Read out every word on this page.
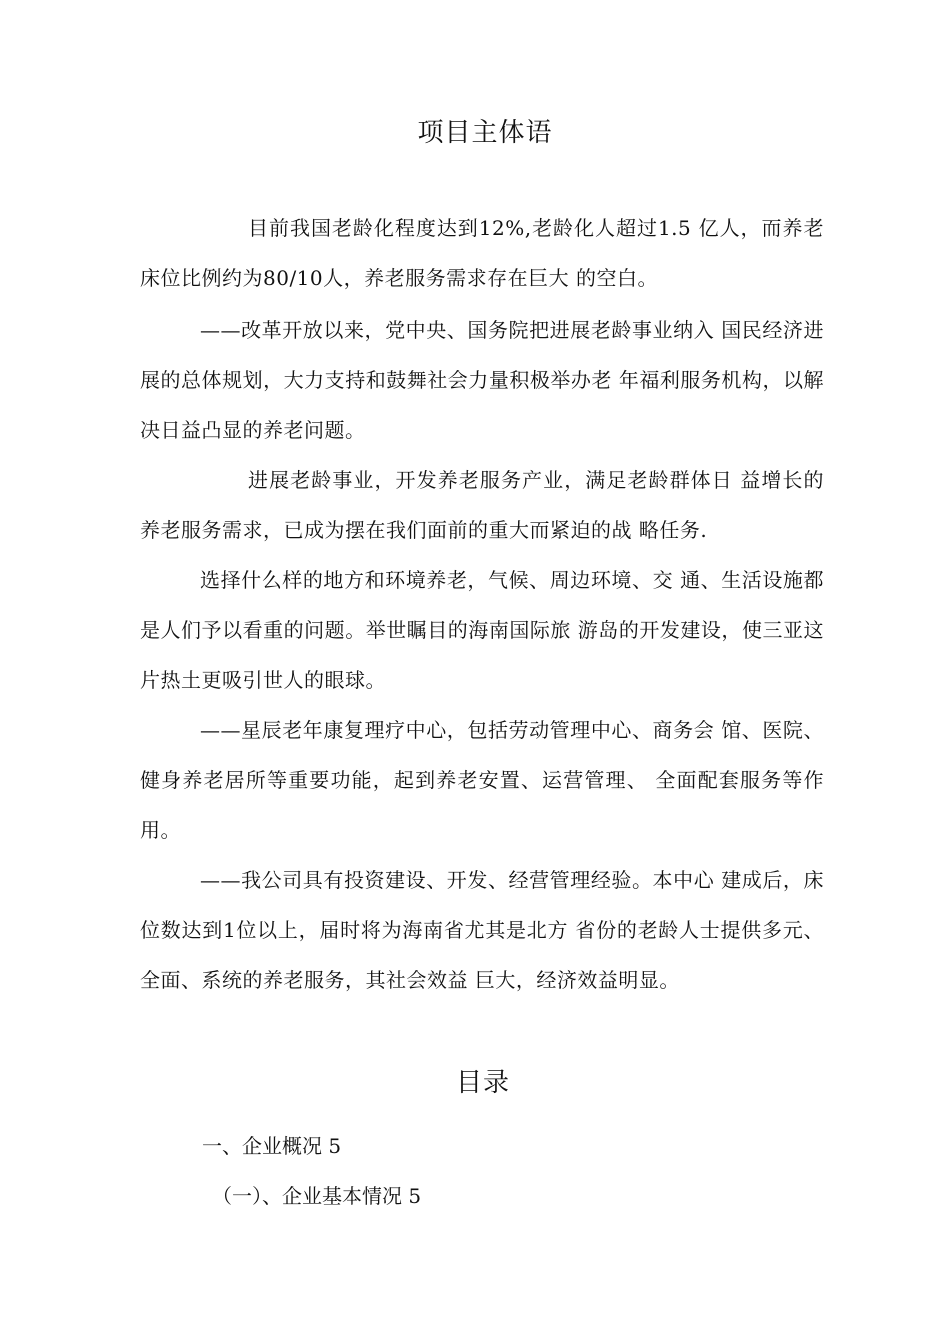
项目主体语
目前我国老龄化程度达到12%,老龄化人超过1.5 亿人，而养老床位比例约为80/10人，养老服务需求存在巨大 的空白。
——改革开放以来，党中央、国务院把进展老龄事业纳入 国民经济进展的总体规划，大力支持和鼓舞社会力量积极举办老 年福利服务机构，以解决日益凸显的养老问题。
进展老龄事业，开发养老服务产业，满足老龄群体日 益增长的养老服务需求，已成为摆在我们面前的重大而紧迫的战 略任务.
选择什么样的地方和环境养老，气候、周边环境、交 通、生活设施都是人们予以看重的问题。举世瞩目的海南国际旅 游岛的开发建设，使三亚这片热土更吸引世人的眼球。
——星辰老年康复理疗中心，包括劳动管理中心、商务会 馆、医院、健身养老居所等重要功能，起到养老安置、运营管理、 全面配套服务等作用。
——我公司具有投资建设、开发、经营管理经验。本中心 建成后，床位数达到1位以上，届时将为海南省尤其是北方 省份的老龄人士提供多元、全面、系统的养老服务，其社会效益 巨大，经济效益明显。
目录
一、企业概况 5
（一）、企业基本情况 5
